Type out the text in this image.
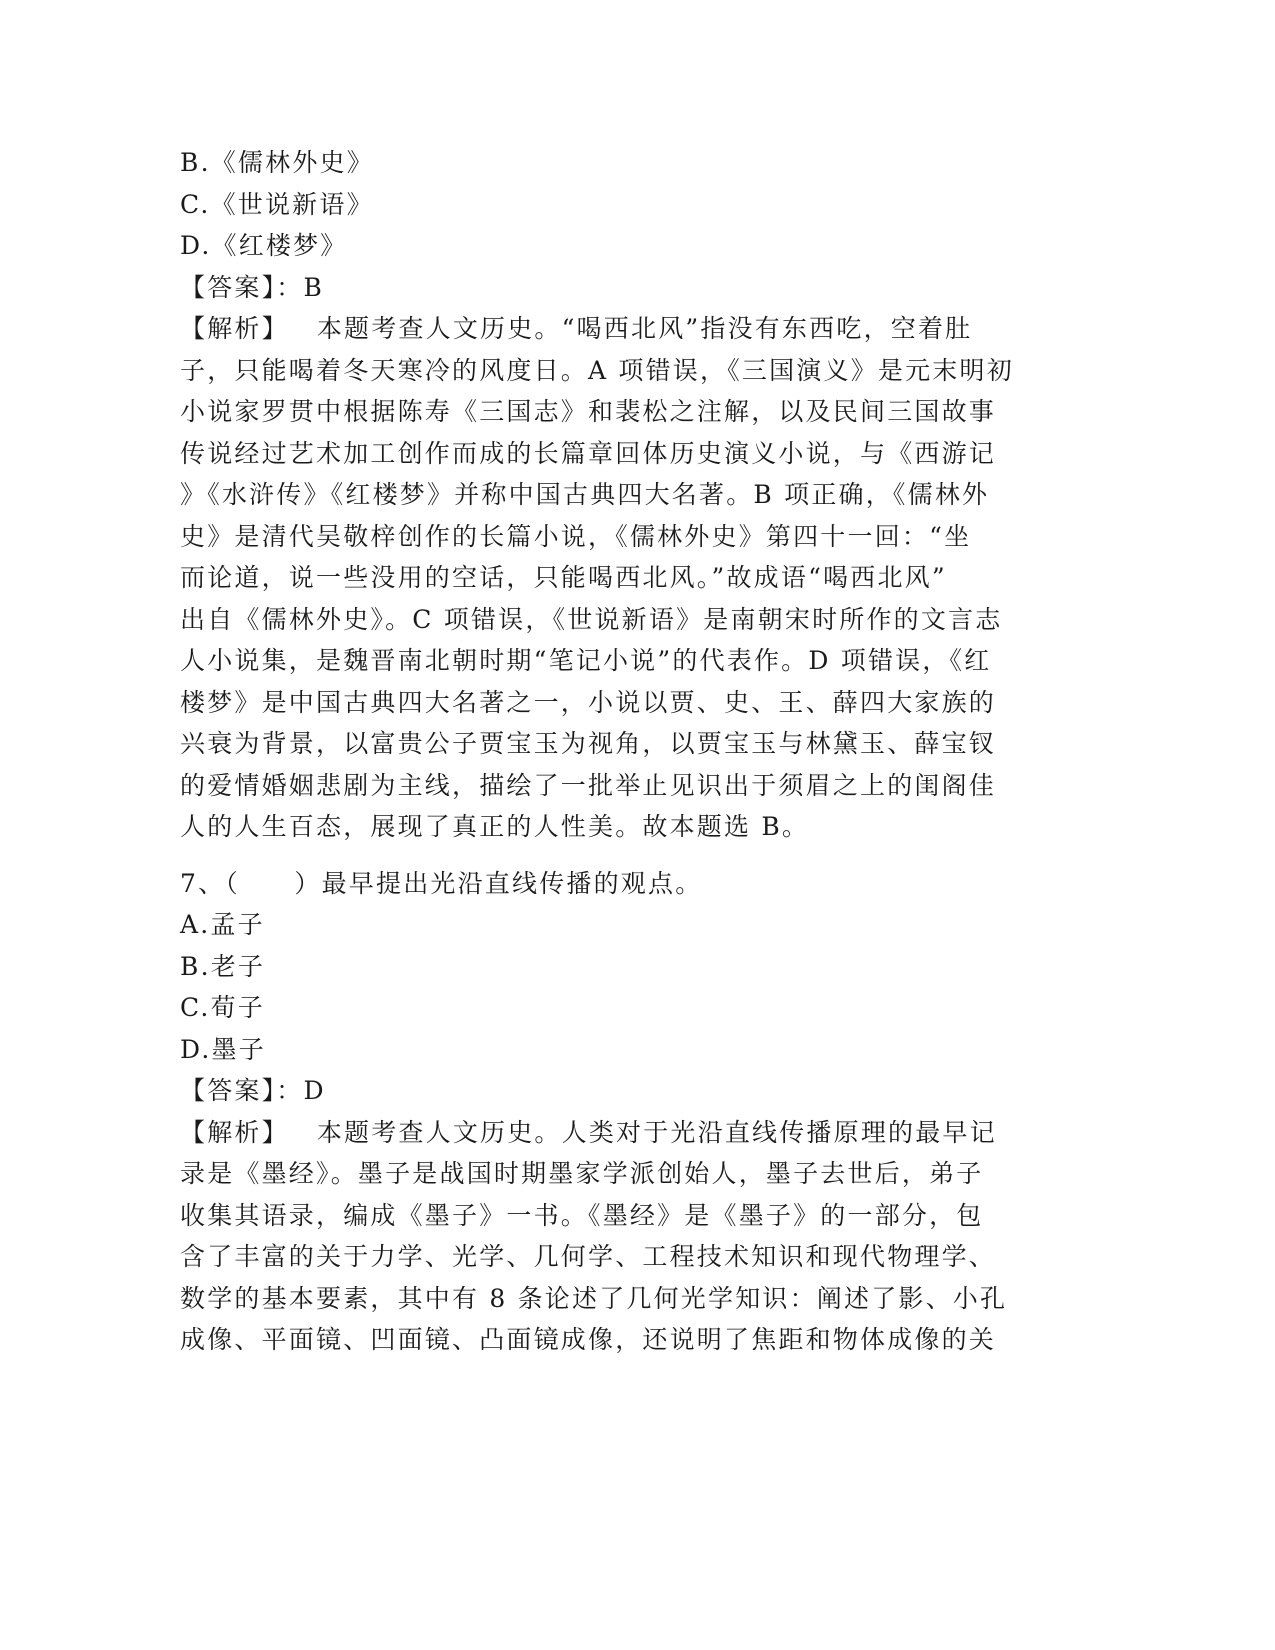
B.《儒林外史》
C.《世说新语》
D.《红楼梦》
【答案】：B
【解析】 本题考查人文历史。“喝西北风”指没有东西吃，空着肚
子，只能喝着冬天寒冷的风度日。A 项错误，《三国演义》是元末明初
小说家罗贯中根据陈寿《三国志》和裴松之注解，以及民间三国故事
传说经过艺术加工创作而成的长篇章回体历史演义小说，与《西游记
》《水浒传》《红楼梦》并称中国古典四大名著。B 项正确，《儒林外
史》是清代吴敬梓创作的长篇小说，《儒林外史》第四十一回：“坐
而论道，说一些没用的空话，只能喝西北风。”故成语“喝西北风”
出自《儒林外史》。C 项错误，《世说新语》是南朝宋时所作的文言志
人小说集，是魏晋南北朝时期“笔记小说”的代表作。D 项错误，《红
楼梦》是中国古典四大名著之一，小说以贾、史、王、薛四大家族的
兴衰为背景，以富贵公子贾宝玉为视角，以贾宝玉与林黛玉、薛宝钗
的爱情婚姻悲剧为主线，描绘了一批举止见识出于须眉之上的闺阁佳
人的人生百态，展现了真正的人性美。故本题选 B。
7、（　　）最早提出光沿直线传播的观点。
A.孟子
B.老子
C.荀子
D.墨子
【答案】：D
【解析】 本题考查人文历史。人类对于光沿直线传播原理的最早记
录是《墨经》。墨子是战国时期墨家学派创始人，墨子去世后，弟子
收集其语录，编成《墨子》一书。《墨经》是《墨子》的一部分，包
含了丰富的关于力学、光学、几何学、工程技术知识和现代物理学、
数学的基本要素，其中有 8 条论述了几何光学知识：阐述了影、小孔
成像、平面镜、凹面镜、凸面镜成像，还说明了焦距和物体成像的关
